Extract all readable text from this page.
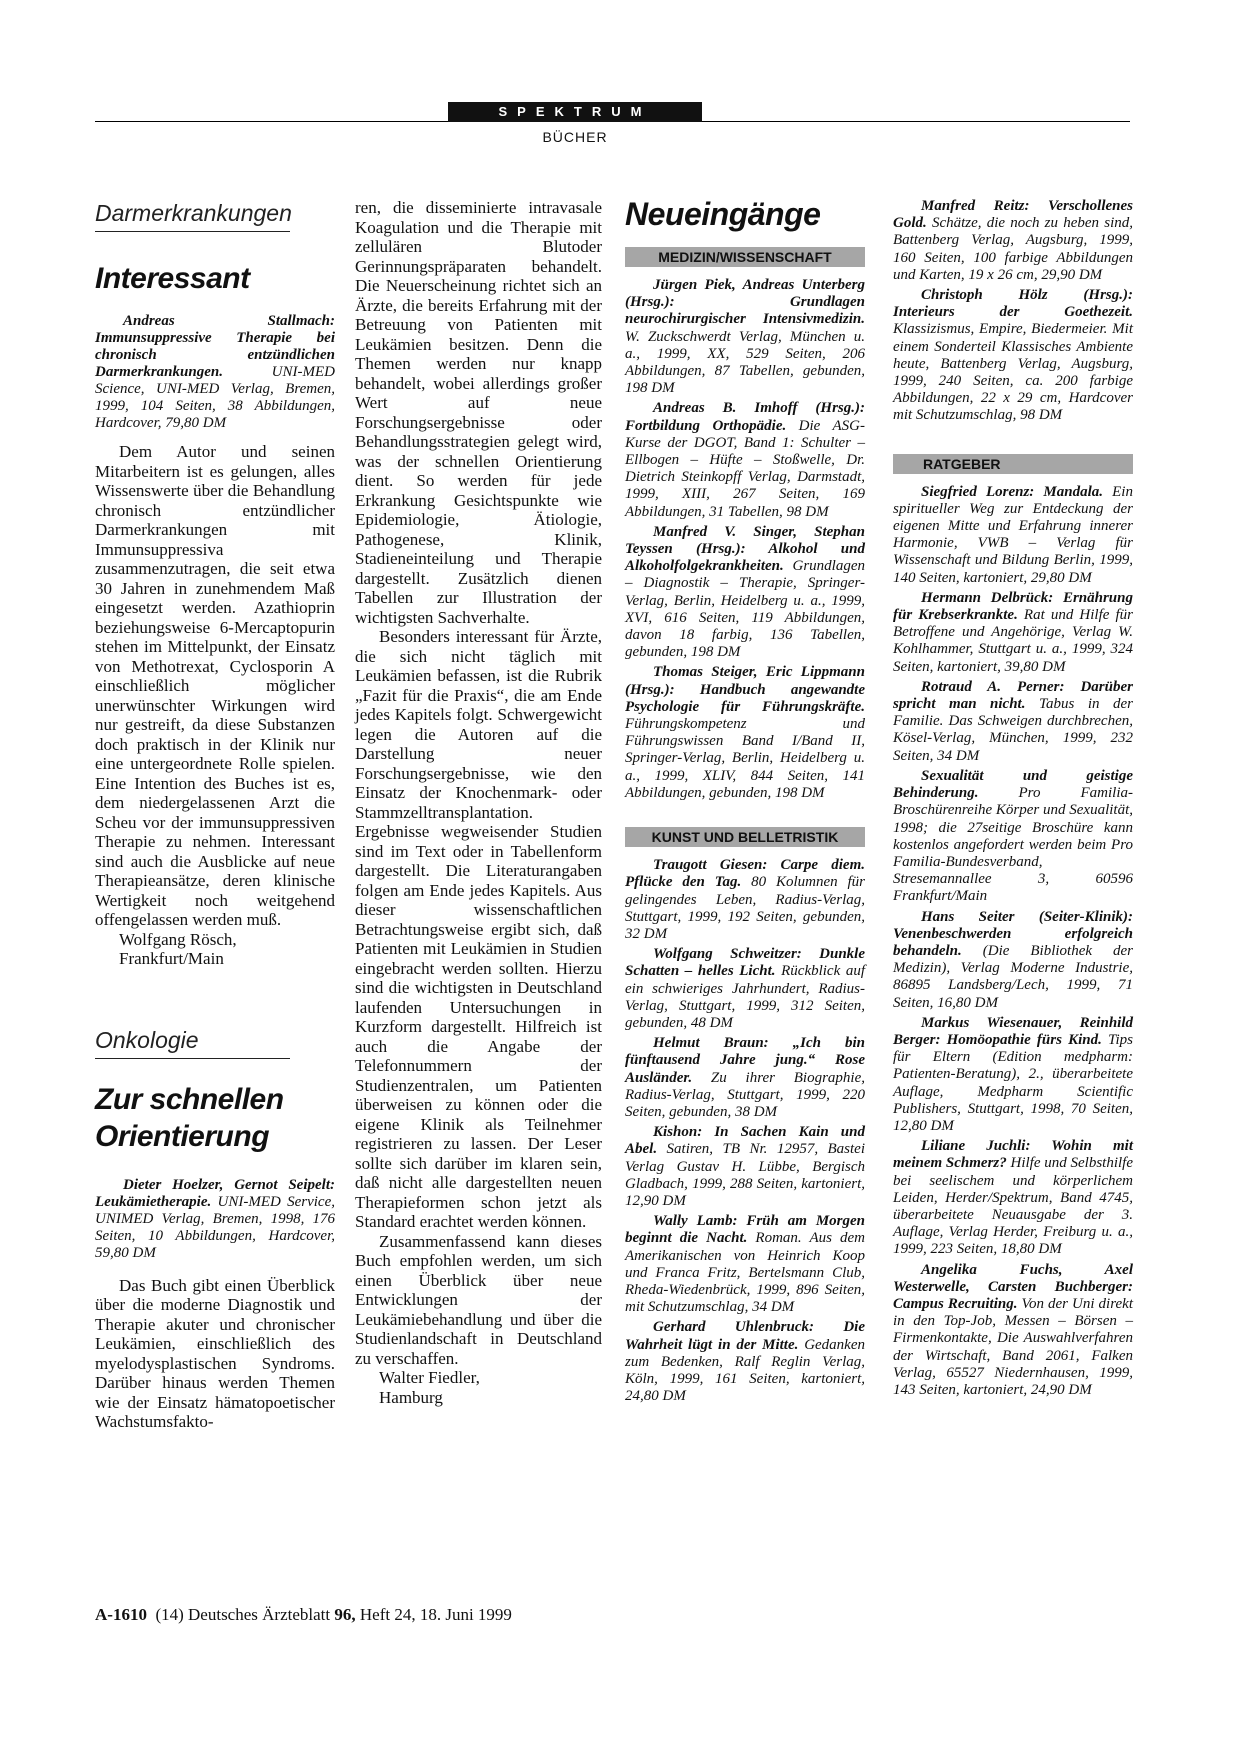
SPEKTRUM
BÜCHER
Darmerkrankungen
Interessant

Andreas Stallmach: Immunsuppressive Therapie bei chronisch entzündlichen Darmerkrankungen. UNI-MED Science, UNI-MED Verlag, Bremen, 1999, 104 Seiten, 38 Abbildungen, Hardcover, 79,80 DM

Dem Autor und seinen Mitarbeitern ist es gelungen, alles Wissenswerte über die Behandlung chronisch entzündlicher Darmerkrankungen mit Immunsuppressiva zusammenzutragen, die seit etwa 30 Jahren in zunehmendem Maß eingesetzt werden. Azathioprin beziehungsweise 6-Mercaptopurin stehen im Mittelpunkt, der Einsatz von Methotrexat, Cyclosporin A einschließlich möglicher unerwünschter Wirkungen wird nur gestreift, da diese Substanzen doch praktisch in der Klinik nur eine untergeordnete Rolle spielen. Eine Intention des Buches ist es, dem niedergelassenen Arzt die Scheu vor der immunsuppressiven Therapie zu nehmen. Interessant sind auch die Ausblicke auf neue Therapieansätze, deren klinische Wertigkeit noch weitgehend offengelassen werden muß.

Wolfgang Rösch,

Frankfurt/Main

Onkologie
Zur schnellen Orientierung

Dieter Hoelzer, Gernot Seipelt: Leukämietherapie. UNI-MED Service, UNIMED Verlag, Bremen, 1998, 176 Seiten, 10 Abbildungen, Hardcover, 59,80 DM

Das Buch gibt einen Überblick über die moderne Diagnostik und Therapie akuter und chronischer Leukämien, einschließlich des myelodysplastischen Syndroms. Darüber hinaus werden Themen wie der Einsatz hämatopoetischer Wachstumsfakto-

ren, die disseminierte intravasale Koagulation und die Therapie mit zellulären Blutoder Gerinnungspräparaten behandelt. Die Neuerscheinung richtet sich an Ärzte, die bereits Erfahrung mit der Betreuung von Patienten mit Leukämien besitzen. Denn die Themen werden nur knapp behandelt, wobei allerdings großer Wert auf neue Forschungsergebnisse oder Behandlungsstrategien gelegt wird, was der schnellen Orientierung dient. So werden für jede Erkrankung Gesichtspunkte wie Epidemiologie, Ätiologie, Pathogenese, Klinik, Stadieneinteilung und Therapie dargestellt. Zusätzlich dienen Tabellen zur Illustration der wichtigsten Sachverhalte.

Besonders interessant für Ärzte, die sich nicht täglich mit Leukämien befassen, ist die Rubrik „Fazit für die Praxis“, die am Ende jedes Kapitels folgt. Schwergewicht legen die Autoren auf die Darstellung neuer Forschungsergebnisse, wie den Einsatz der Knochenmark- oder Stammzelltransplantation. Ergebnisse wegweisender Studien sind im Text oder in Tabellenform dargestellt. Die Literaturangaben folgen am Ende jedes Kapitels. Aus dieser wissenschaftlichen Betrachtungsweise ergibt sich, daß Patienten mit Leukämien in Studien eingebracht werden sollten. Hierzu sind die wichtigsten in Deutschland laufenden Untersuchungen in Kurzform dargestellt. Hilfreich ist auch die Angabe der Telefonnummern der Studienzentralen, um Patienten überweisen zu können oder die eigene Klinik als Teilnehmer registrieren zu lassen. Der Leser sollte sich darüber im klaren sein, daß nicht alle dargestellten neuen Therapieformen schon jetzt als Standard erachtet werden können.

Zusammenfassend kann dieses Buch empfohlen werden, um sich einen Überblick über neue Entwicklungen der Leukämiebehandlung und über die Studienlandschaft in Deutschland zu verschaffen.

Walter Fiedler,

Hamburg

Neueingänge
MEDIZIN/WISSENSCHAFT

Jürgen Piek, Andreas Unterberg (Hrsg.): Grundlagen neurochirurgischer Intensivmedizin. W. Zuckschwerdt Verlag, München u. a., 1999, XX, 529 Seiten, 206 Abbildungen, 87 Tabellen, gebunden, 198 DM

Andreas B. Imhoff (Hrsg.): Fortbildung Orthopädie. Die ASG-Kurse der DGOT, Band 1: Schulter – Ellbogen – Hüfte – Stoßwelle, Dr. Dietrich Steinkopff Verlag, Darmstadt, 1999, XIII, 267 Seiten, 169 Abbildungen, 31 Tabellen, 98 DM

Manfred V. Singer, Stephan Teyssen (Hrsg.): Alkohol und Alkoholfolgekrankheiten. Grundlagen – Diagnostik – Therapie, Springer-Verlag, Berlin, Heidelberg u. a., 1999, XVI, 616 Seiten, 119 Abbildungen, davon 18 farbig, 136 Tabellen, gebunden, 198 DM

Thomas Steiger, Eric Lippmann (Hrsg.): Handbuch angewandte Psychologie für Führungskräfte. Führungskompetenz und Führungswissen Band I/Band II, Springer-Verlag, Berlin, Heidelberg u. a., 1999, XLIV, 844 Seiten, 141 Abbildungen, gebunden, 198 DM

KUNST UND BELLETRISTIK

Traugott Giesen: Carpe diem. Pflücke den Tag. 80 Kolumnen für gelingendes Leben, Radius-Verlag, Stuttgart, 1999, 192 Seiten, gebunden, 32 DM

Wolfgang Schweitzer: Dunkle Schatten – helles Licht. Rückblick auf ein schwieriges Jahrhundert, Radius-Verlag, Stuttgart, 1999, 312 Seiten, gebunden, 48 DM

Helmut Braun: „Ich bin fünftausend Jahre jung.“ Rose Ausländer. Zu ihrer Biographie, Radius-Verlag, Stuttgart, 1999, 220 Seiten, gebunden, 38 DM

Kishon: In Sachen Kain und Abel. Satiren, TB Nr. 12957, Bastei Verlag Gustav H. Lübbe, Bergisch Gladbach, 1999, 288 Seiten, kartoniert, 12,90 DM

Wally Lamb: Früh am Morgen beginnt die Nacht. Roman. Aus dem Amerikanischen von Heinrich Koop und Franca Fritz, Bertelsmann Club, Rheda-Wiedenbrück, 1999, 896 Seiten, mit Schutzumschlag, 34 DM

Gerhard Uhlenbruck: Die Wahrheit lügt in der Mitte. Gedanken zum Bedenken, Ralf Reglin Verlag, Köln, 1999, 161 Seiten, kartoniert, 24,80 DM

Manfred Reitz: Verschollenes Gold. Schätze, die noch zu heben sind, Battenberg Verlag, Augsburg, 1999, 160 Seiten, 100 farbige Abbildungen und Karten, 19 x 26 cm, 29,90 DM

Christoph Hölz (Hrsg.): Interieurs der Goethezeit. Klassizismus, Empire, Biedermeier. Mit einem Sonderteil Klassisches Ambiente heute, Battenberg Verlag, Augsburg, 1999, 240 Seiten, ca. 200 farbige Abbildungen, 22 x 29 cm, Hardcover mit Schutzumschlag, 98 DM

RATGEBER

Siegfried Lorenz: Mandala. Ein spiritueller Weg zur Entdeckung der eigenen Mitte und Erfahrung innerer Harmonie, VWB – Verlag für Wissenschaft und Bildung Berlin, 1999, 140 Seiten, kartoniert, 29,80 DM

Hermann Delbrück: Ernährung für Krebserkrankte. Rat und Hilfe für Betroffene und Angehörige, Verlag W. Kohlhammer, Stuttgart u. a., 1999, 324 Seiten, kartoniert, 39,80 DM

Rotraud A. Perner: Darüber spricht man nicht. Tabus in der Familie. Das Schweigen durchbrechen, Kösel-Verlag, München, 1999, 232 Seiten, 34 DM

Sexualität und geistige Behinderung. Pro Familia-Broschürenreihe Körper und Sexualität, 1998; die 27seitige Broschüre kann kostenlos angefordert werden beim Pro Familia-Bundesverband, Stresemannallee 3, 60596 Frankfurt/Main

Hans Seiter (Seiter-Klinik): Venenbeschwerden erfolgreich behandeln. (Die Bibliothek der Medizin), Verlag Moderne Industrie, 86895 Landsberg/Lech, 1999, 71 Seiten, 16,80 DM

Markus Wiesenauer, Reinhild Berger: Homöopathie fürs Kind. Tips für Eltern (Edition medpharm: Patienten-Beratung), 2., überarbeitete Auflage, Medpharm Scientific Publishers, Stuttgart, 1998, 70 Seiten, 12,80 DM

Liliane Juchli: Wohin mit meinem Schmerz? Hilfe und Selbsthilfe bei seelischem und körperlichem Leiden, Herder/Spektrum, Band 4745, überarbeitete Neuausgabe der 3. Auflage, Verlag Herder, Freiburg u. a., 1999, 223 Seiten, 18,80 DM

Angelika Fuchs, Axel Westerwelle, Carsten Buchberger: Campus Recruiting. Von der Uni direkt in den Top-Job, Messen – Börsen – Firmenkontakte, Die Auswahlverfahren der Wirtschaft, Band 2061, Falken Verlag, 65527 Niedernhausen, 1999, 143 Seiten, kartoniert, 24,90 DM

A-1610  (14) Deutsches Ärzteblatt 96, Heft 24, 18. Juni 1999
